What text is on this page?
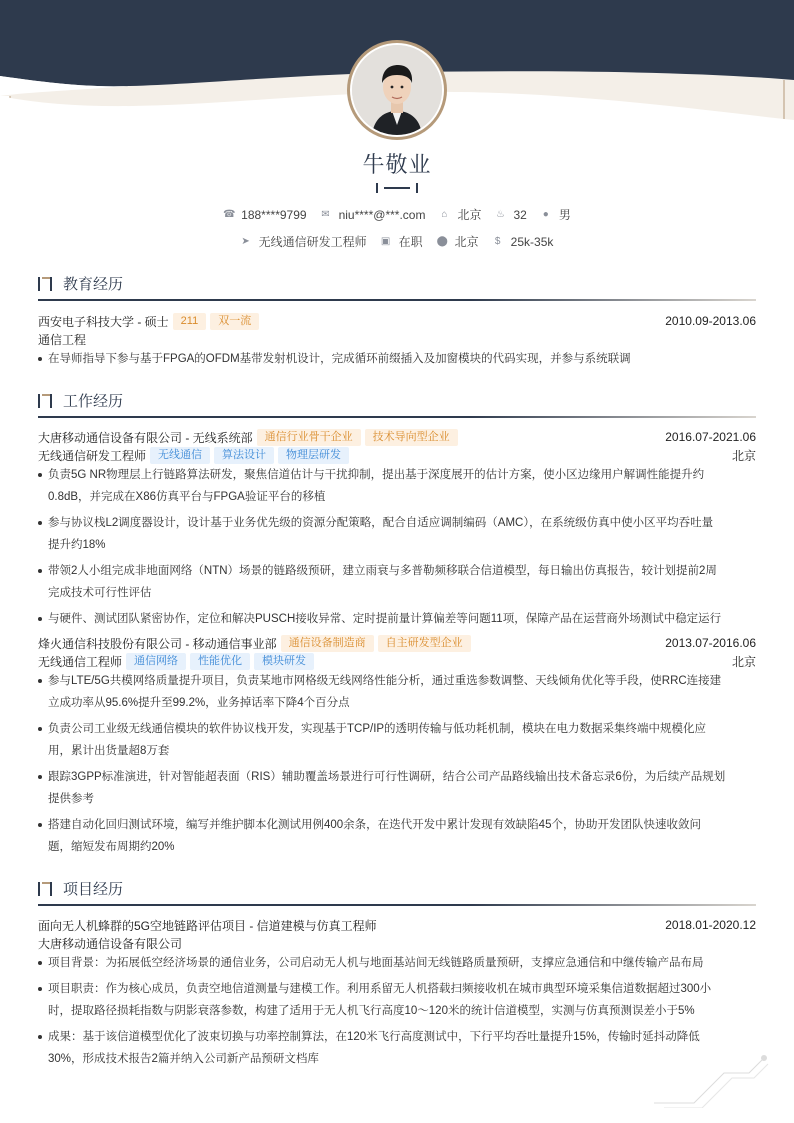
牛敬业
☎ 188****9799 ✉ niu****@***.com ⌂ 北京 ♨ 32 ● 男
➤ 无线通信研发工程师 ▣ 在职 ⬤ 北京 $ 25k-35k
教育经历
西安电子科技大学 - 硕士	211	双一流	2010.09-2013.06
通信工程
在导师指导下参与基于FPGA的OFDM基带发射机设计，完成循环前缀插入及加窗模块的代码实现，并参与系统联调
工作经历
大唐移动通信设备有限公司 - 无线系统部	通信行业骨干企业	技术导向型企业	2016.07-2021.06
无线通信研发工程师	无线通信	算法设计	物理层研发	北京
负责5G NR物理层上行链路算法研发，聚焦信道估计与干扰抑制，提出基于深度展开的估计方案，使小区边缘用户解调性能提升约
0.8dB，并完成在X86仿真平台与FPGA验证平台的移植
参与协议栈L2调度器设计，设计基于业务优先级的资源分配策略，配合自适应调制编码（AMC），在系统级仿真中使小区平均吞吐量
提升约18%
带领2人小组完成非地面网络（NTN）场景的链路级预研，建立雨衰与多普勒频移联合信道模型，每日输出仿真报告，较计划提前2周
完成技术可行性评估
与硬件、测试团队紧密协作，定位和解决PUSCH接收异常、定时提前量计算偏差等问题11项，保障产品在运营商外场测试中稳定运行
烽火通信科技股份有限公司 - 移动通信事业部	通信设备制造商	自主研发型企业	2013.07-2016.06
无线通信工程师	通信网络	性能优化	模块研发	北京
参与LTE/5G共模网络质量提升项目，负责某地市网格级无线网络性能分析，通过重选参数调整、天线倾角优化等手段，使RRC连接建
立成功率从95.6%提升至99.2%，业务掉话率下降4个百分点
负责公司工业级无线通信模块的软件协议栈开发，实现基于TCP/IP的透明传输与低功耗机制，模块在电力数据采集终端中规模化应
用，累计出货量超8万套
跟踪3GPP标准演进，针对智能超表面（RIS）辅助覆盖场景进行可行性调研，结合公司产品路线输出技术备忘录6份，为后续产品规划
提供参考
搭建自动化回归测试环境，编写并维护脚本化测试用例400余条，在迭代开发中累计发现有效缺陷45个，协助开发团队快速收敛问
题，缩短发布周期约20%
项目经历
面向无人机蜂群的5G空地链路评估项目 - 信道建模与仿真工程师	2018.01-2020.12
大唐移动通信设备有限公司
项目背景：为拓展低空经济场景的通信业务，公司启动无人机与地面基站间无线链路质量预研，支撑应急通信和中继传输产品布局
项目职责：作为核心成员，负责空地信道测量与建模工作。利用系留无人机搭载扫频接收机在城市典型环境采集信道数据超过300小
时，提取路径损耗指数与阴影衰落参数，构建了适用于无人机飞行高度10～120米的统计信道模型，实测与仿真预测误差小于5%
成果：基于该信道模型优化了波束切换与功率控制算法，在120米飞行高度测试中，下行平均吞吐量提升15%，传输时延抖动降低
30%，形成技术报告2篇并纳入公司新产品预研文档库
